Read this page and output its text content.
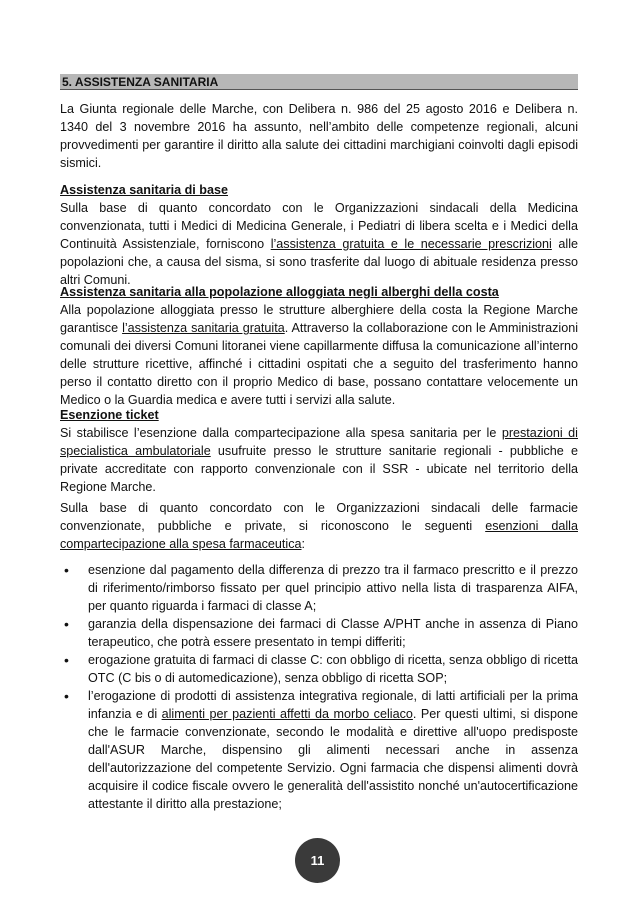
5. ASSISTENZA SANITARIA

La Giunta regionale delle Marche, con Delibera n. 986 del 25 agosto 2016 e Delibera n. 1340 del 3 novembre 2016 ha assunto, nell’ambito delle competenze regionali, alcuni provvedimenti per garantire il diritto alla salute dei cittadini marchigiani coinvolti dagli episodi sismici.

Assistenza sanitaria di base

Sulla base di quanto concordato con le Organizzazioni sindacali della Medicina convenzionata, tutti i Medici di Medicina Generale, i Pediatri di libera scelta e i Medici della Continuità Assistenziale, forniscono l’assistenza gratuita e le necessarie prescrizioni alle popolazioni che, a causa del sisma, si sono trasferite dal luogo di abituale residenza presso altri Comuni.

Assistenza sanitaria alla popolazione alloggiata negli alberghi della costa

Alla popolazione alloggiata presso le strutture alberghiere della costa la Regione Marche garantisce l’assistenza sanitaria gratuita. Attraverso la collaborazione con le Amministrazioni comunali dei diversi Comuni litoranei viene capillarmente diffusa la comunicazione all’interno delle strutture ricettive, affinché i cittadini ospitati che a seguito del trasferimento hanno perso il contatto diretto con il proprio Medico di base, possano contattare velocemente un Medico o la Guardia medica e avere tutti i servizi alla salute.

Esenzione ticket

Si stabilisce l’esenzione dalla compartecipazione alla spesa sanitaria per le prestazioni di specialistica ambulatoriale usufruite presso le strutture sanitarie regionali - pubbliche e private accreditate con rapporto convenzionale con il SSR - ubicate nel territorio della Regione Marche.

Sulla base di quanto concordato con le Organizzazioni sindacali delle farmacie convenzionate, pubbliche e private, si riconoscono le seguenti esenzioni dalla compartecipazione alla spesa farmaceutica:

• esenzione dal pagamento della differenza di prezzo tra il farmaco prescritto e il prezzo di riferimento/rimborso fissato per quel principio attivo nella lista di trasparenza AIFA, per quanto riguarda i farmaci di classe A;
• garanzia della dispensazione dei farmaci di Classe A/PHT anche in assenza di Piano terapeutico, che potrà essere presentato in tempi differiti;
• erogazione gratuita di farmaci di classe C: con obbligo di ricetta, senza obbligo di ricetta OTC (C bis o di automedicazione), senza obbligo di ricetta SOP;
• l’erogazione di prodotti di assistenza integrativa regionale, di latti artificiali per la prima infanzia e di alimenti per pazienti affetti da morbo celiaco. Per questi ultimi, si dispone che le farmacie convenzionate, secondo le modalità e direttive all'uopo predisposte dall'ASUR Marche, dispensino gli alimenti necessari anche in assenza dell'autorizzazione del competente Servizio. Ogni farmacia che dispensi alimenti dovrà acquisire il codice fiscale ovvero le generalità dell'assistito nonché un'autocertificazione attestante il diritto alla prestazione;
11
